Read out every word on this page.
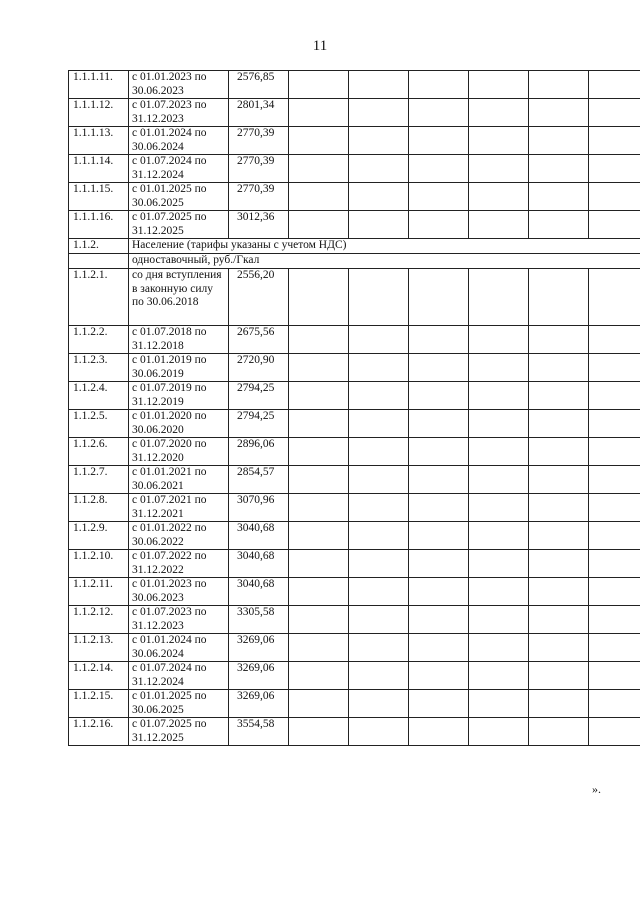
11
1.1.1.11.	с 01.01.2023 по 30.06.2023	2576,85						
1.1.1.12.	с 01.07.2023 по 31.12.2023	2801,34						
1.1.1.13.	с 01.01.2024 по 30.06.2024	2770,39						
1.1.1.14.	с 01.07.2024 по 31.12.2024	2770,39						
1.1.1.15.	с 01.01.2025 по 30.06.2025	2770,39						
1.1.1.16.	с 01.07.2025 по 31.12.2025	3012,36						
1.1.2.	Население (тарифы указаны с учетом НДС)							
	одноставочный, руб./Гкал							
1.1.2.1.	со дня вступления в законную силу по 30.06.2018	2556,20						
1.1.2.2.	с 01.07.2018 по 31.12.2018	2675,56						
1.1.2.3.	с 01.01.2019 по 30.06.2019	2720,90						
1.1.2.4.	с 01.07.2019 по 31.12.2019	2794,25						
1.1.2.5.	с 01.01.2020 по 30.06.2020	2794,25						
1.1.2.6.	с 01.07.2020 по 31.12.2020	2896,06						
1.1.2.7.	с 01.01.2021 по 30.06.2021	2854,57						
1.1.2.8.	с 01.07.2021 по 31.12.2021	3070,96						
1.1.2.9.	с 01.01.2022 по 30.06.2022	3040,68						
1.1.2.10.	с 01.07.2022 по 31.12.2022	3040,68						
1.1.2.11.	с 01.01.2023 по 30.06.2023	3040,68						
1.1.2.12.	с 01.07.2023 по 31.12.2023	3305,58						
1.1.2.13.	с 01.01.2024 по 30.06.2024	3269,06						
1.1.2.14.	с 01.07.2024 по 31.12.2024	3269,06						
1.1.2.15.	с 01.01.2025 по 30.06.2025	3269,06						
1.1.2.16.	с 01.07.2025 по 31.12.2025	3554,58						
».
